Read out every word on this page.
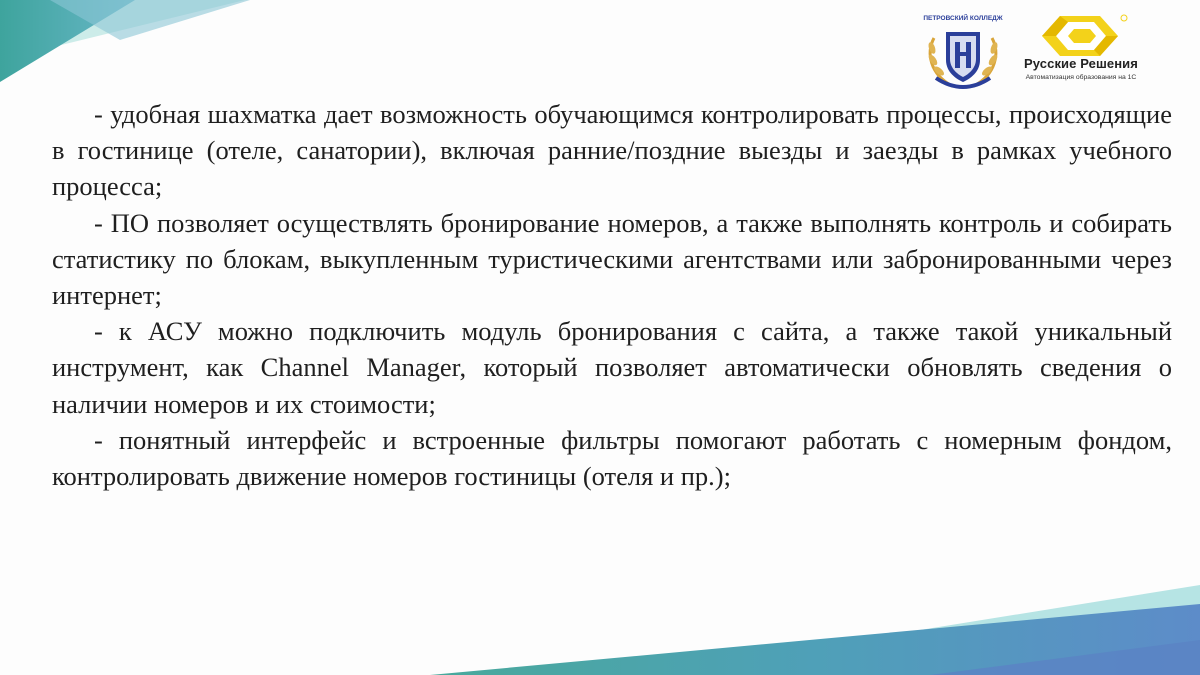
ПЕТРОВСКИЙ КОЛЛЕДЖ
Русские Решения
Автоматизация образования на 1С

- удобная шахматка дает возможность обучающимся контролировать процессы, происходящие в гостинице (отеле, санатории), включая ранние/поздние выезды и заезды в рамках учебного процесса;

- ПО позволяет осуществлять бронирование номеров, а также выполнять контроль и собирать статистику по блокам, выкупленным туристическими агентствами или забронированными через интернет;

- к АСУ можно подключить модуль бронирования с сайта, а также такой уникальный инструмент, как Channel Manager, который позволяет автоматически обновлять сведения о наличии номеров и их стоимости;

- понятный интерфейс и встроенные фильтры помогают работать с номерным фондом, контролировать движение номеров гостиницы (отеля и пр.);
